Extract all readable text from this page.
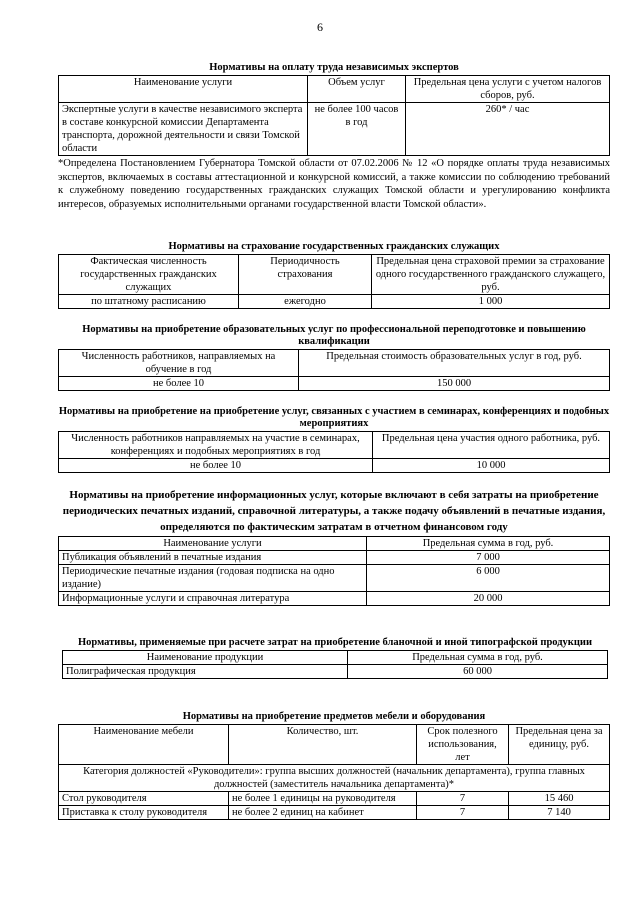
6
Нормативы на оплату труда независимых экспертов
Наименование услуги	Объем услуг	Предельная цена услуги с учетом налогов сборов, руб.
Экспертные услуги в качестве независимого эксперта в составе конкурсной комиссии Департамента транспорта, дорожной деятельности и связи Томской области	не более 100 часов в год	260* / час
*Определена Постановлением Губернатора Томской области от 07.02.2006 № 12 «О порядке оплаты труда независимых экспертов, включаемых в составы аттестационной и конкурсной комиссий, а также комиссии по соблюдению требований к служебному поведению государственных гражданских служащих Томской области и урегулированию конфликта интересов, образуемых исполнительными органами государственной власти Томской области».
Нормативы на страхование государственных гражданских служащих
Фактическая численность государственных гражданских служащих	Периодичность страхования	Предельная цена страховой премии за страхование одного государственного гражданского служащего, руб.
по штатному расписанию	ежегодно	1 000
Нормативы на приобретение образовательных услуг по профессиональной переподготовке и повышению квалификации
Численность работников, направляемых на обучение в год	Предельная стоимость образовательных услуг в год, руб.
не более 10	150 000
Нормативы на приобретение на приобретение услуг, связанных с участием в семинарах, конференциях и подобных мероприятиях
Численность работников направляемых на участие в семинарах, конференциях и подобных мероприятиях в год	Предельная цена участия одного работника, руб.
не более 10	10 000
Нормативы на приобретение информационных услуг, которые включают в себя затраты на приобретение периодических печатных изданий, справочной литературы, а также подачу объявлений в печатные издания, определяются по фактическим затратам в отчетном финансовом году
Наименование услуги	Предельная сумма в год, руб.
Публикация объявлений в печатные издания	7 000
Периодические печатные издания (годовая подписка на одно издание)	6 000
Информационные услуги и справочная литература	20 000
Нормативы, применяемые при расчете затрат на приобретение бланочной и иной типографской продукции
Наименование продукции	Предельная сумма в год, руб.
Полиграфическая продукция	60 000
Нормативы на приобретение предметов мебели и оборудования
Наименование мебели	Количество, шт.	Срок полезного использования, лет	Предельная цена за единицу, руб.
Категория должностей «Руководители»: группа высших должностей (начальник департамента), группа главных должностей (заместитель начальника департамента)*			
Стол руководителя	не более 1 единицы на руководителя	7	15 460
Приставка к столу руководителя	не более 2 единиц на кабинет	7	7 140
